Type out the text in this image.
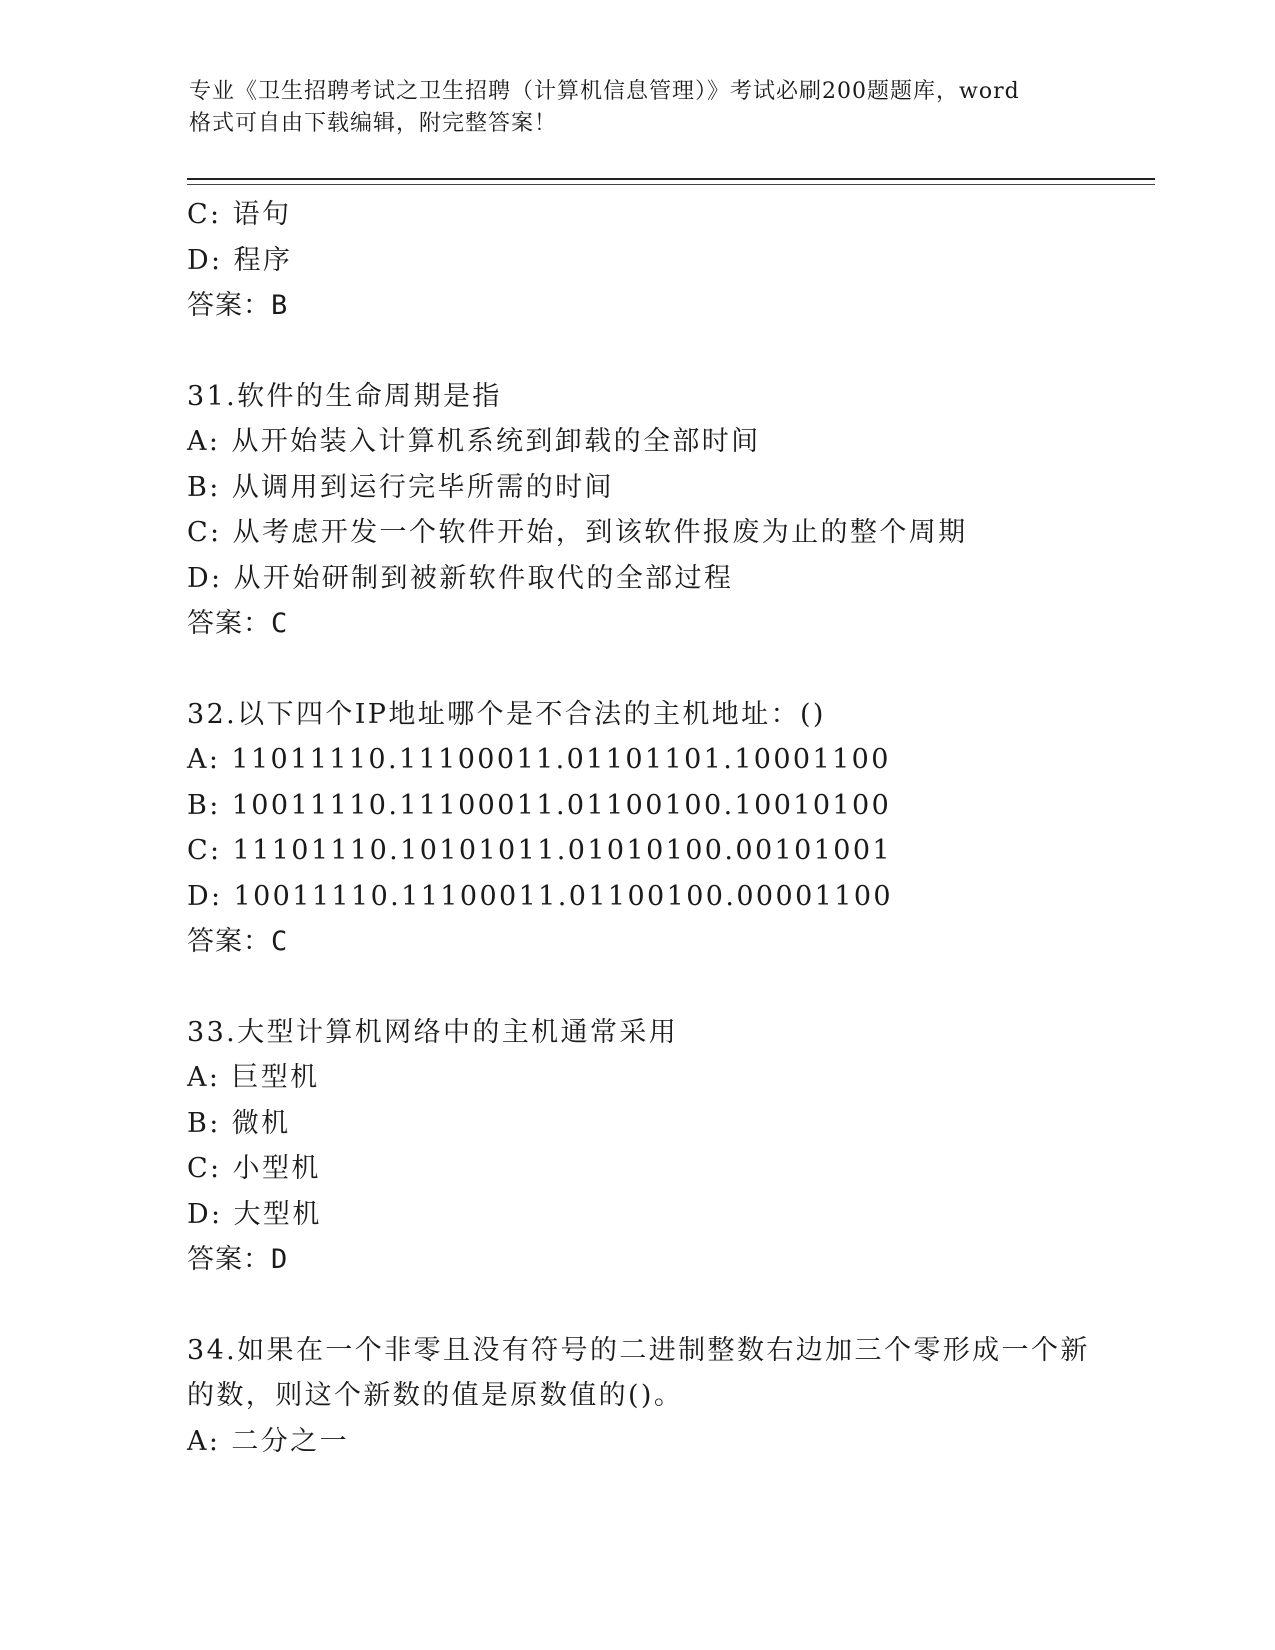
专业《卫生招聘考试之卫生招聘（计算机信息管理）》考试必刷200题题库，word
格式可自由下载编辑，附完整答案！
C: 语句
D: 程序
答案：B
31.软件的生命周期是指
A: 从开始装入计算机系统到卸载的全部时间
B: 从调用到运行完毕所需的时间
C: 从考虑开发一个软件开始，到该软件报废为止的整个周期
D: 从开始研制到被新软件取代的全部过程
答案：C
32.以下四个IP地址哪个是不合法的主机地址：()
A: 11011110.11100011.01101101.10001100
B: 10011110.11100011.01100100.10010100
C: 11101110.10101011.01010100.00101001
D: 10011110.11100011.01100100.00001100
答案：C
33.大型计算机网络中的主机通常采用
A: 巨型机
B: 微机
C: 小型机
D: 大型机
答案：D
34.如果在一个非零且没有符号的二进制整数右边加三个零形成一个新
的数，则这个新数的值是原数值的()。
A: 二分之一
